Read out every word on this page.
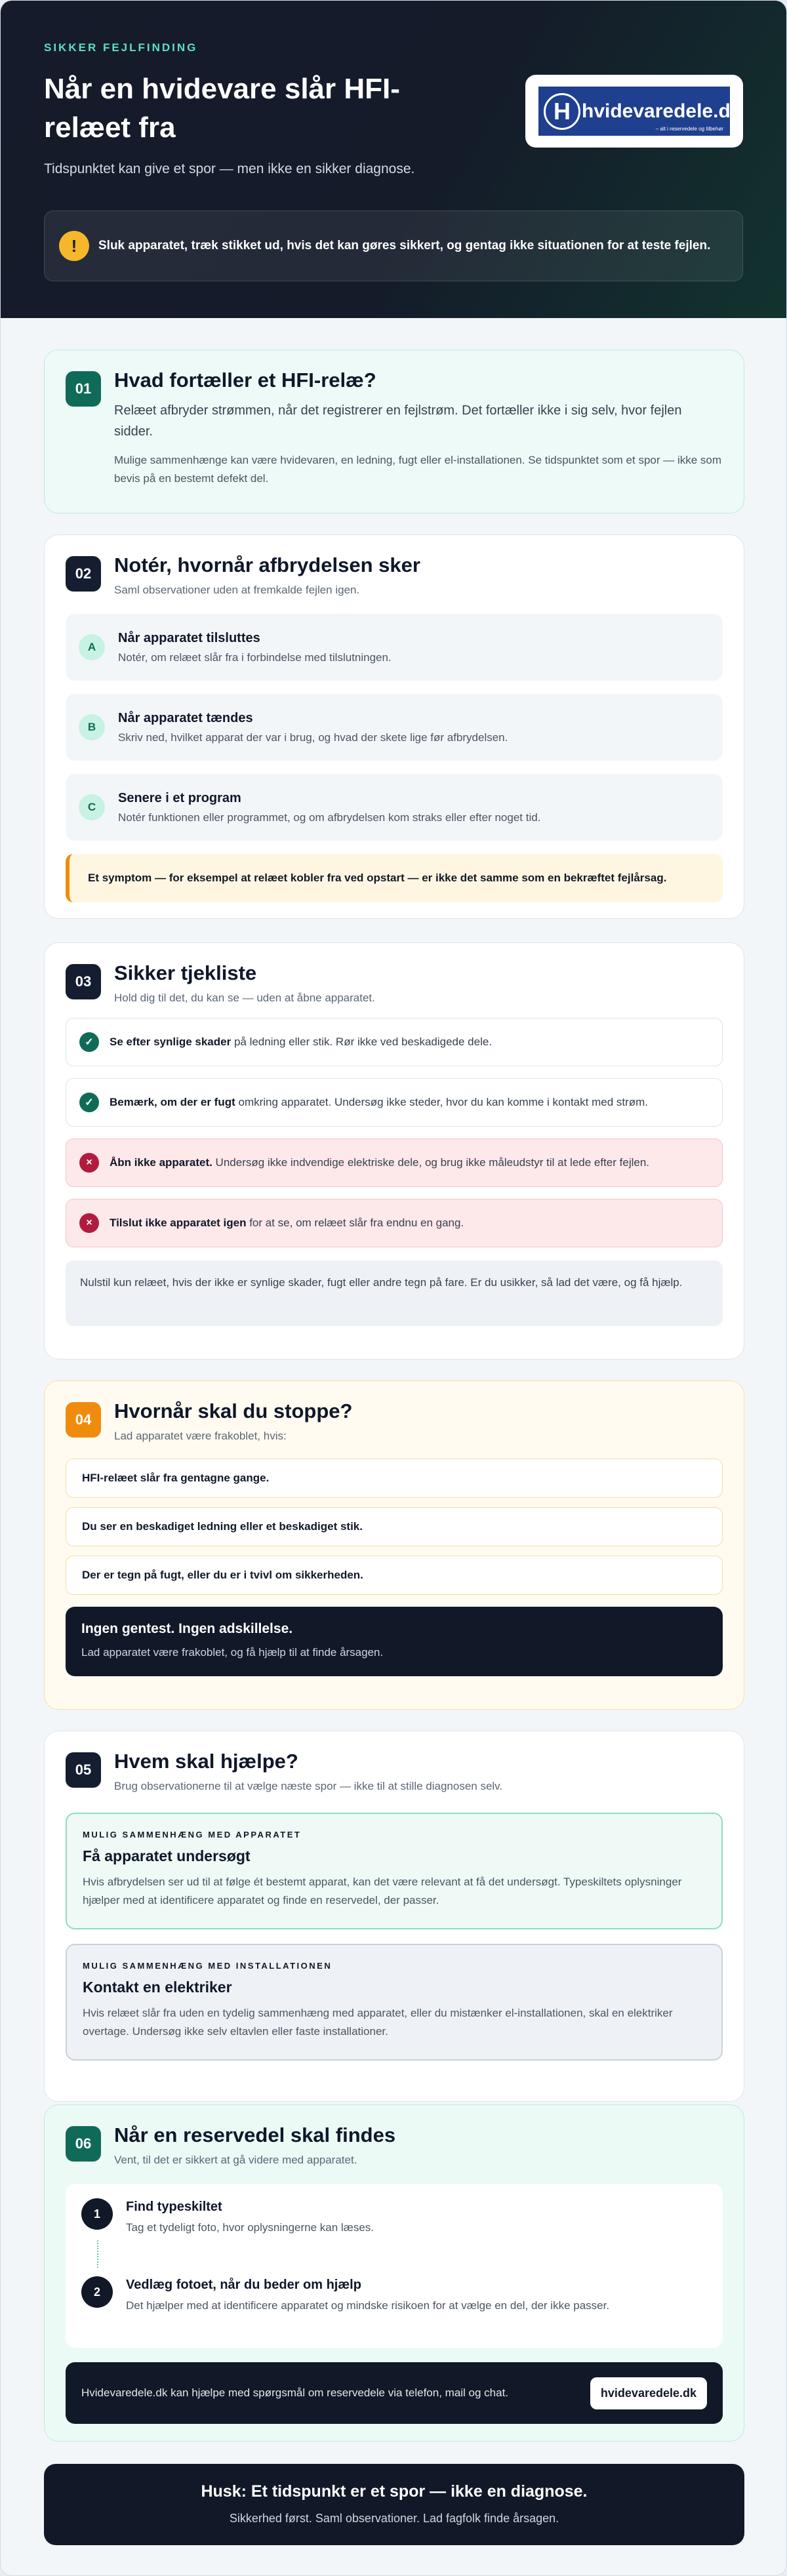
SIKKER FEJLFINDING
Når en hvidevare slår HFI-relæet fra

Tidspunktet kan give et spor — men ikke en sikker diagnose.

H hvidevaredele.dk
– alt i reservedele og tilbehør
!	Sluk apparatet, træk stikket ud, hvis det kan gøres sikkert, og gentag ikke situationen for at teste fejlen.
01	Hvad fortæller et HFI-relæ?

Relæet afbryder strømmen, når det registrerer en fejlstrøm. Det fortæller ikke i sig selv, hvor fejlen sidder.

Mulige sammenhænge kan være hvidevaren, en ledning, fugt eller el-installationen. Se tidspunktet som et spor — ikke som bevis på en bestemt defekt del.

02	Notér, hvornår afbrydelsen sker

Saml observationer uden at fremkalde fejlen igen.

A
Når apparatet tilsluttes
Notér, om relæet slår fra i forbindelse med tilslutningen.
B
Når apparatet tændes
Skriv ned, hvilket apparat der var i brug, og hvad der skete lige før afbrydelsen.
C
Senere i et program
Notér funktionen eller programmet, og om afbrydelsen kom straks eller efter noget tid.
Et symptom — for eksempel at relæet kobler fra ved opstart — er ikke det samme som en bekræftet fejlårsag.
03	Sikker tjekliste

Hold dig til det, du kan se — uden at åbne apparatet.

✓	Se efter synlige skader på ledning eller stik. Rør ikke ved beskadigede dele.
✓	Bemærk, om der er fugt omkring apparatet. Undersøg ikke steder, hvor du kan komme i kontakt med strøm.
×	Åbn ikke apparatet. Undersøg ikke indvendige elektriske dele, og brug ikke måleudstyr til at lede efter fejlen.
×	Tilslut ikke apparatet igen for at se, om relæet slår fra endnu en gang.
Nulstil kun relæet, hvis der ikke er synlige skader, fugt eller andre tegn på fare. Er du usikker, så lad det være, og få hjælp.
04	Hvornår skal du stoppe?

Lad apparatet være frakoblet, hvis:

HFI-relæet slår fra gentagne gange.
Du ser en beskadiget ledning eller et beskadiget stik.
Der er tegn på fugt, eller du er i tvivl om sikkerheden.
Ingen gentest. Ingen adskillelse.
Lad apparatet være frakoblet, og få hjælp til at finde årsagen.
05	Hvem skal hjælpe?

Brug observationerne til at vælge næste spor — ikke til at stille diagnosen selv.

MULIG SAMMENHÆNG MED APPARATET
Få apparatet undersøgt
Hvis afbrydelsen ser ud til at følge ét bestemt apparat, kan det være relevant at få det undersøgt. Typeskiltets oplysninger hjælper med at identificere apparatet og finde en reservedel, der passer.
MULIG SAMMENHÆNG MED INSTALLATIONEN
Kontakt en elektriker
Hvis relæet slår fra uden en tydelig sammenhæng med apparatet, eller du mistænker el-installationen, skal en elektriker overtage. Undersøg ikke selv eltavlen eller faste installationer.
06	Når en reservedel skal findes

Vent, til det er sikkert at gå videre med apparatet.

1	Find typeskiltet
Tag et tydeligt foto, hvor oplysningerne kan læses.
2	Vedlæg fotoet, når du beder om hjælp
Det hjælper med at identificere apparatet og mindske risikoen for at vælge en del, der ikke passer.
Hvidevaredele.dk kan hjælpe med spørgsmål om reservedele via telefon, mail og chat.	hvidevaredele.dk
Husk: Et tidspunkt er et spor — ikke en diagnose.
Sikkerhed først. Saml observationer. Lad fagfolk finde årsagen.
